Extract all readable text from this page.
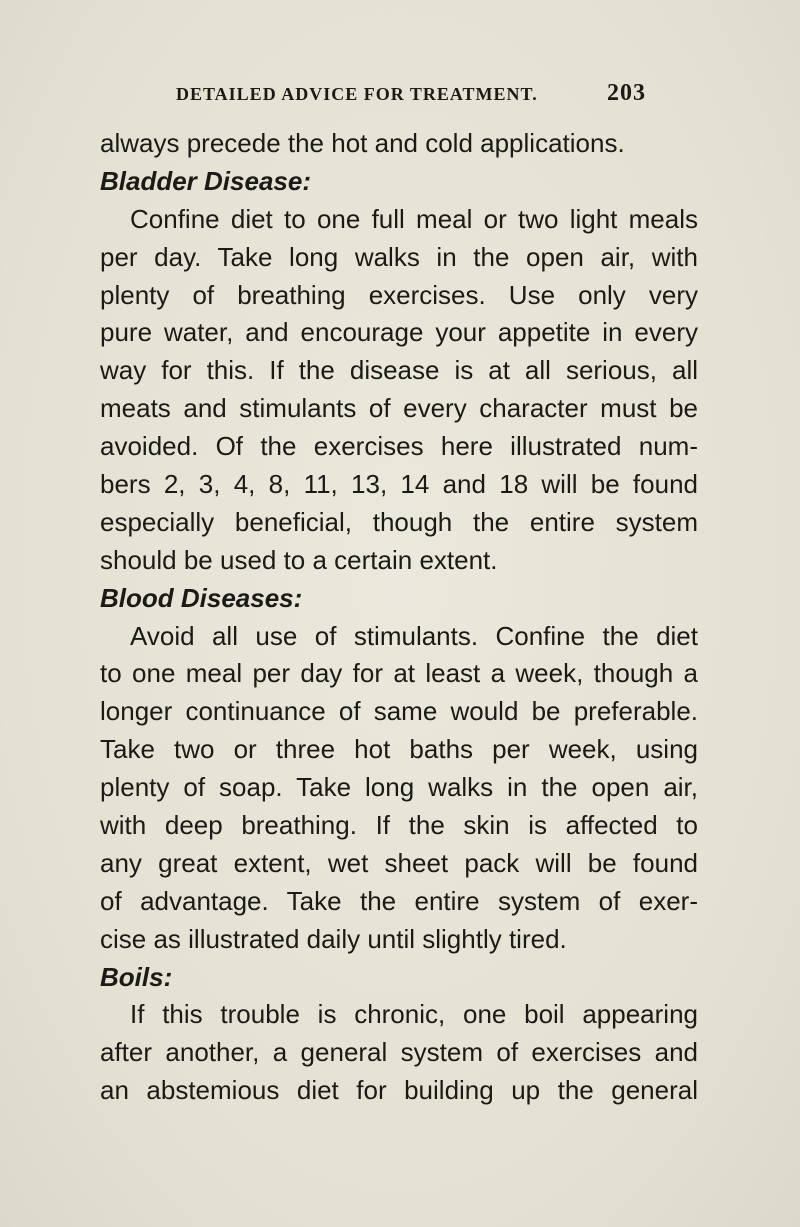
DETAILED ADVICE FOR TREATMENT.	203
always precede the hot and cold applications.
Bladder Disease:
Confine diet to one full meal or two light meals
per day. Take long walks in the open air, with
plenty of breathing exercises. Use only very
pure water, and encourage your appetite in every
way for this. If the disease is at all serious, all
meats and stimulants of every character must be
avoided. Of the exercises here illustrated num-
bers 2, 3, 4, 8, 11, 13, 14 and 18 will be found
especially beneficial, though the entire system
should be used to a certain extent.
Blood Diseases:
Avoid all use of stimulants. Confine the diet
to one meal per day for at least a week, though a
longer continuance of same would be preferable.
Take two or three hot baths per week, using
plenty of soap. Take long walks in the open air,
with deep breathing. If the skin is affected to
any great extent, wet sheet pack will be found
of advantage. Take the entire system of exer-
cise as illustrated daily until slightly tired.
Boils:
If this trouble is chronic, one boil appearing
after another, a general system of exercises and
an abstemious diet for building up the general
